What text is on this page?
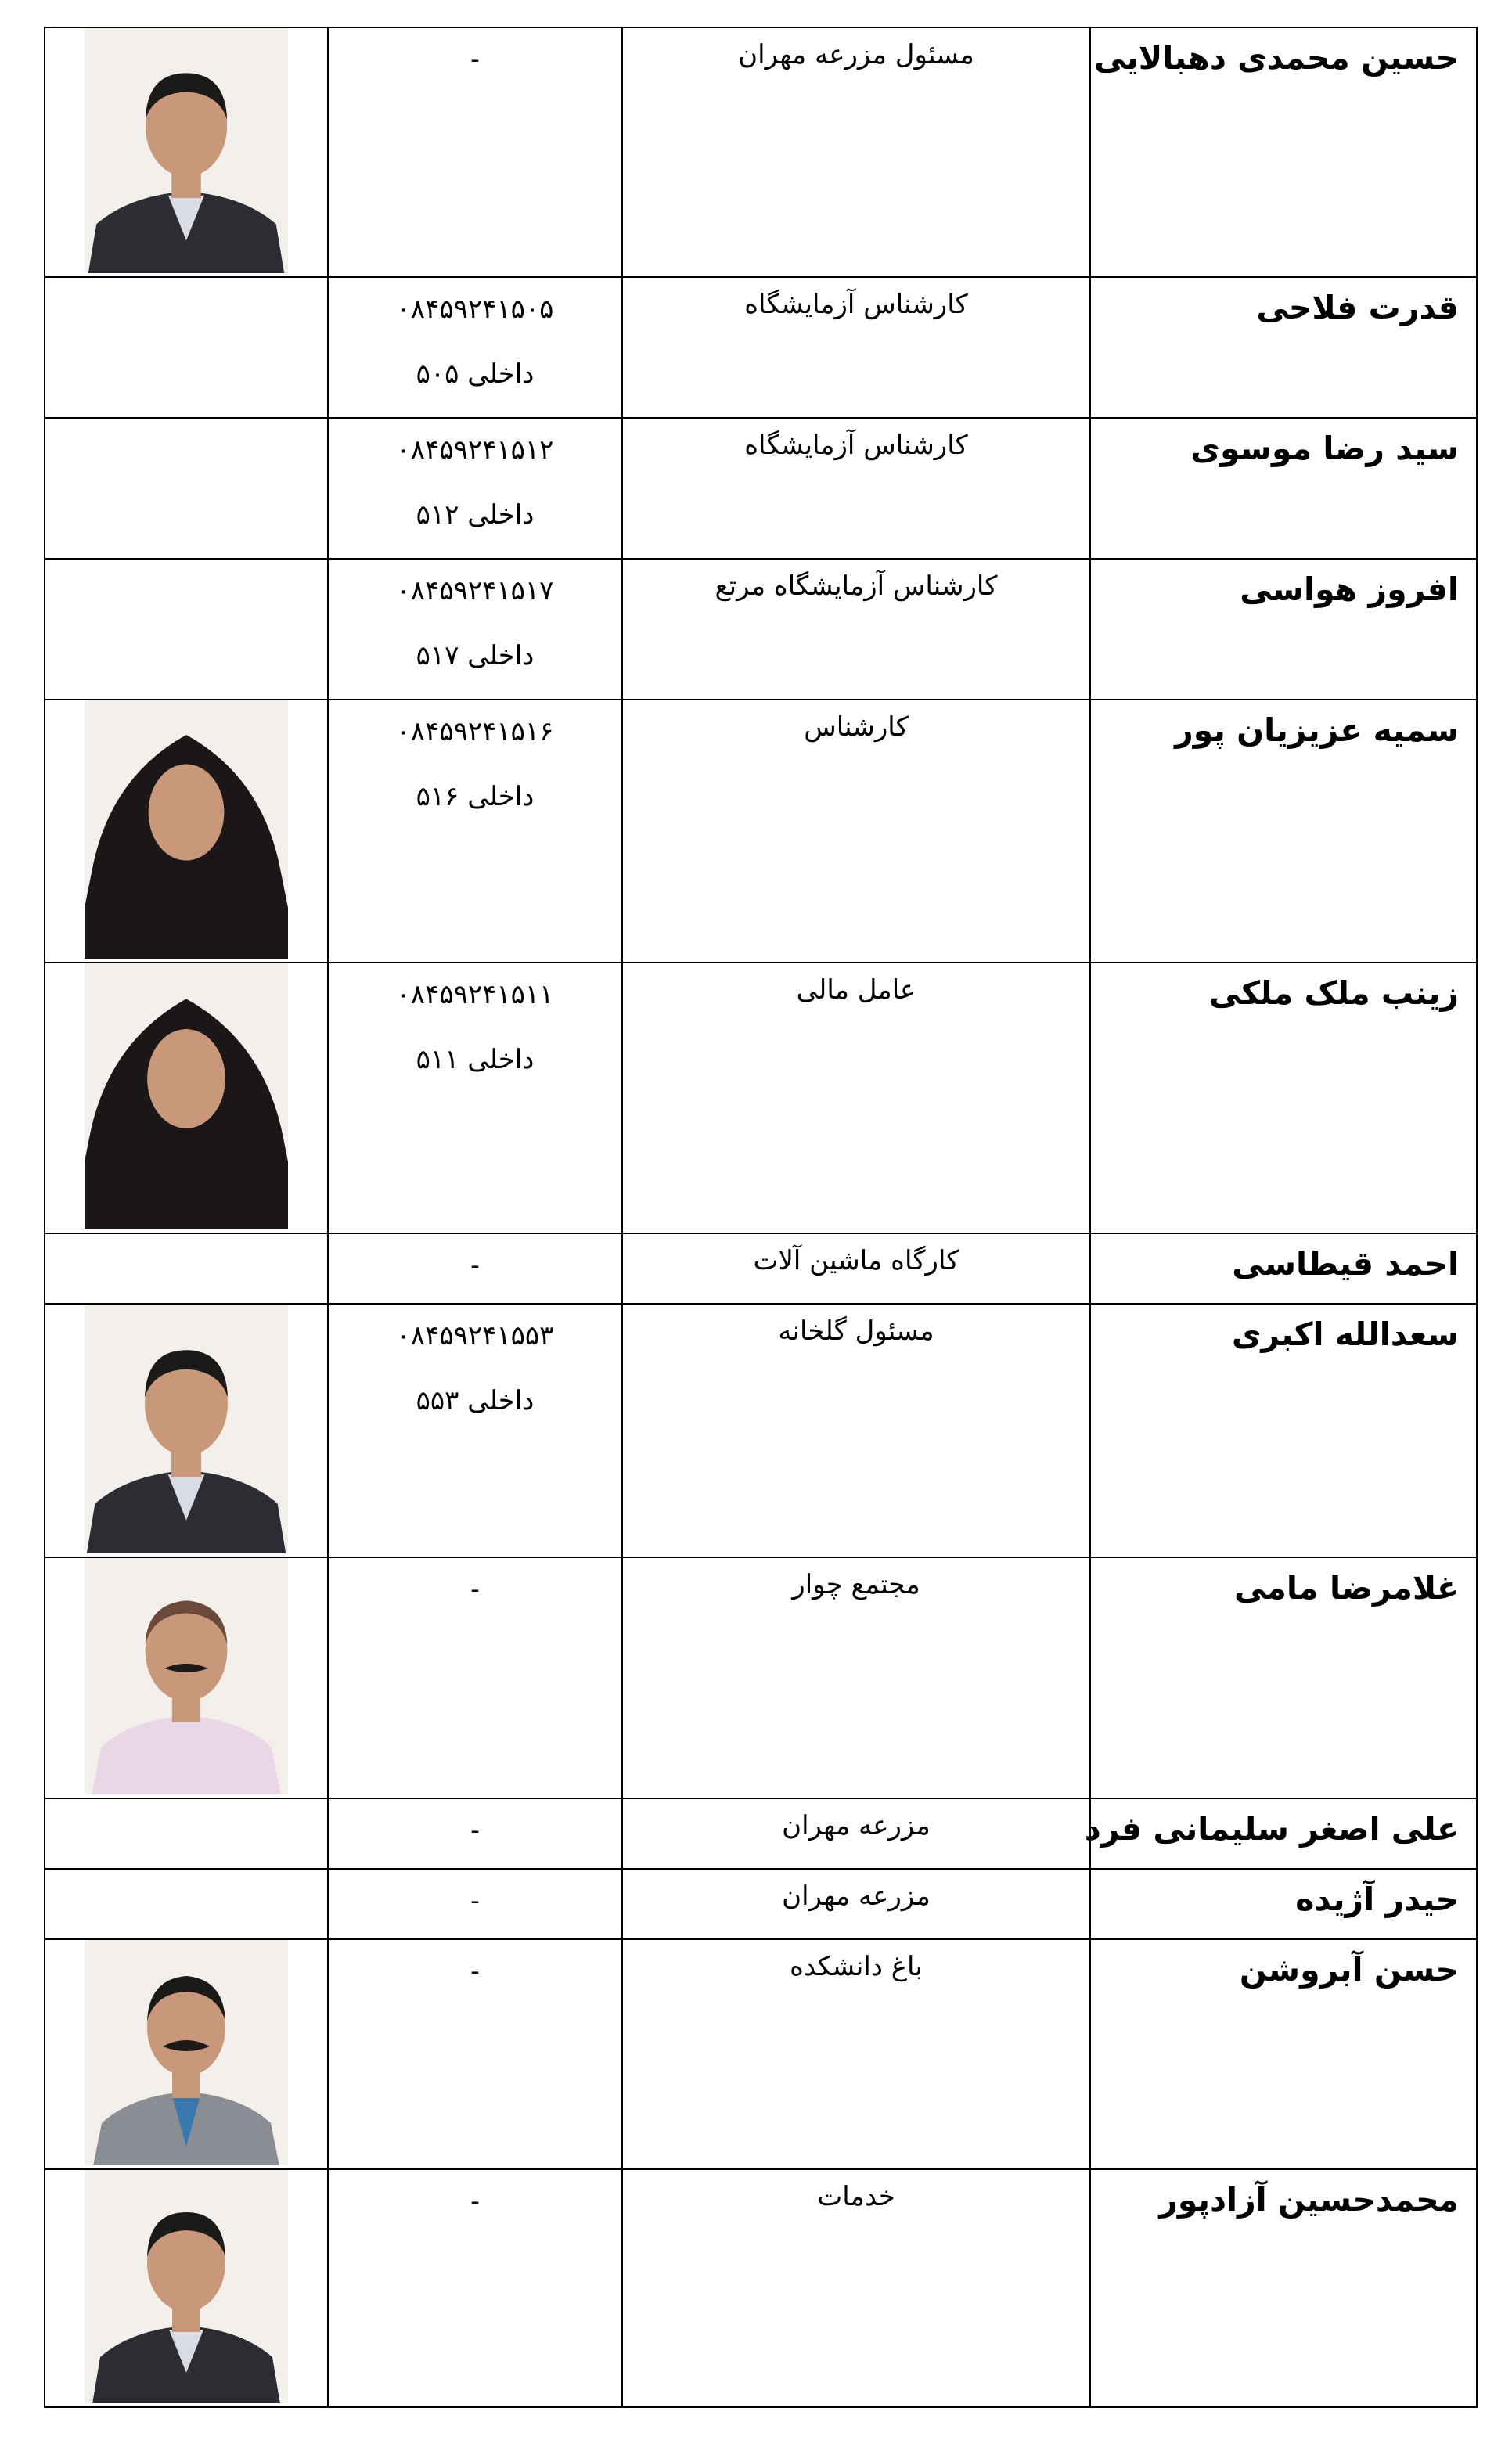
حسین محمدی دهبالایی	مسئول مزرعه مهران	-

قدرت فلاحی	کارشناس آزمایشگاه	۰۸۴۵۹۲۴۱۵۰۵
داخلی ۵۰۵	

سید رضا موسوی	کارشناس آزمایشگاه	۰۸۴۵۹۲۴۱۵۱۲
داخلی ۵۱۲	

افروز هواسی	کارشناس آزمایشگاه مرتع	۰۸۴۵۹۲۴۱۵۱۷
داخلی ۵۱۷	

سمیه عزیزیان پور	کارشناس	۰۸۴۵۹۲۴۱۵۱۶
داخلی ۵۱۶

زینب ملک ملکی	عامل مالی	۰۸۴۵۹۲۴۱۵۱۱
داخلی ۵۱۱

احمد قیطاسی	کارگاه ماشین آلات	-	

سعدالله اکبری	مسئول گلخانه	۰۸۴۵۹۲۴۱۵۵۳
داخلی ۵۵۳

غلامرضا مامی	مجتمع چوار	-

علی اصغر سلیمانی فرد	مزرعه مهران	-	

حیدر آژیده	مزرعه مهران	-	

حسن آبروشن	باغ دانشکده	-

محمدحسین آزادپور	خدمات	-
